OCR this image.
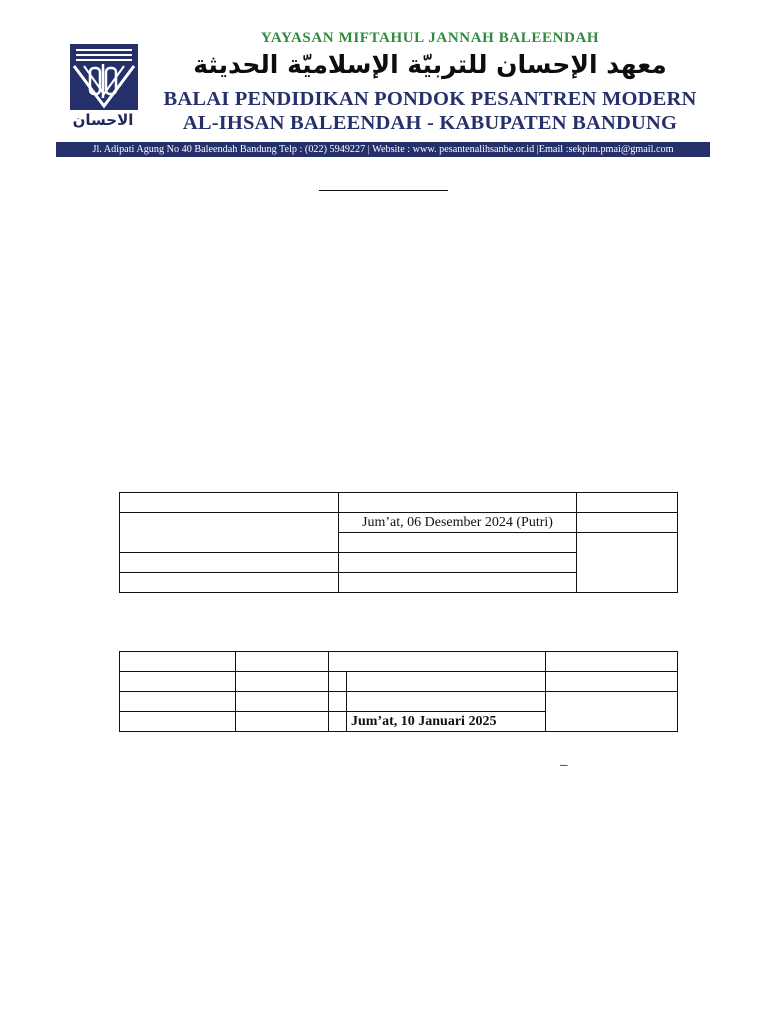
الاحسان
YAYASAN MIFTAHUL JANNAH BALEENDAH
معهد الإحسان للتربيّة الإسلاميّة الحديثة
BALAI PENDIDIKAN PONDOK PESANTREN MODERN
AL-IHSAN BALEENDAH - KABUPATEN BANDUNG
Jl. Adipati Agung No 40 Baleendah Bandung Telp : (022) 5949227 | Website : www. pesantenalihsanbe.or.id |Email :sekpim.pmai@gmail.com

	Jum’at, 06 Desember 2024 (Putri)	

			Jum’at, 10 Januari 2025	
_
